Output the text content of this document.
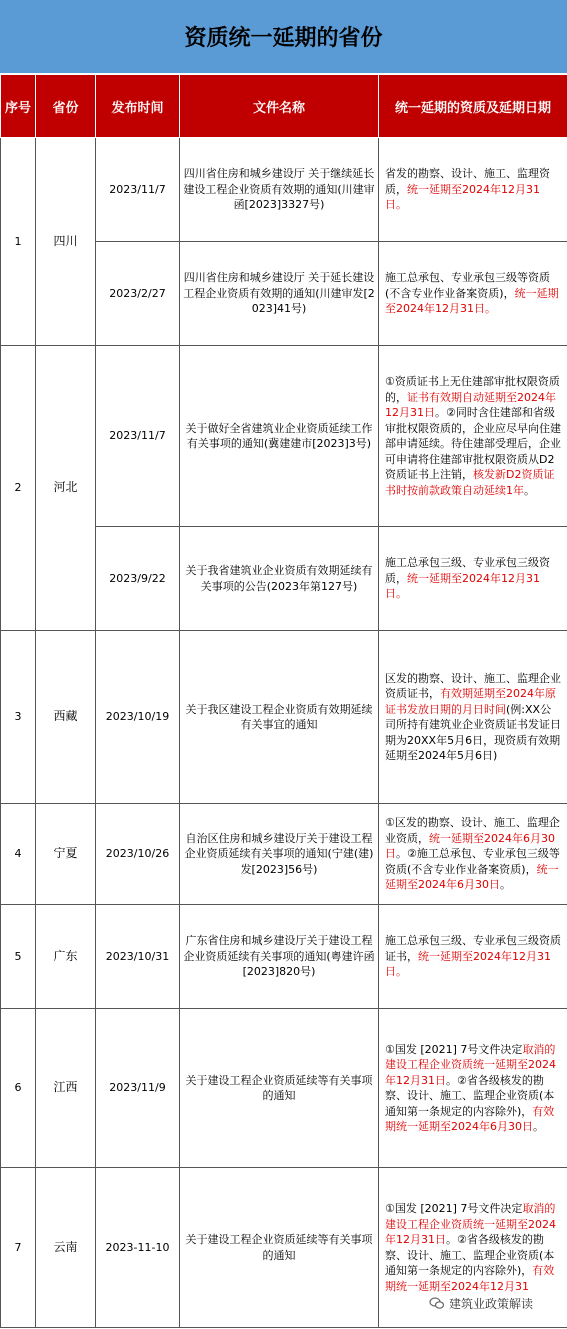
资质统一延期的省份
序号	省份	发布时间	文件名称	统一延期的资质及延期日期
1	四川	2023/11/7	四川省住房和城乡建设厅 关于继续延长建设工程企业资质有效期的通知(川建审函[2023]3327号)	省发的勘察、设计、施工、监理资质，统一延期至2024年12月31日。
		2023/2/27	四川省住房和城乡建设厅 关于延长建设工程企业资质有效期的通知(川建审发[2023]41号)	施工总承包、专业承包三级等资质(不含专业作业备案资质)，统一延期至2024年12月31日。
2	河北	2023/11/7	关于做好全省建筑业企业资质延续工作有关事项的通知(冀建建市[2023]3号)	①资质证书上无住建部审批权限资质的，证书有效期自动延期至2024年12月31日。②同时含住建部和省级审批权限资质的，企业应尽早向住建部申请延续。待住建部受理后，企业可申请将住建部审批权限资质从D2资质证书上注销，核发新D2资质证书时按前款政策自动延续1年。
		2023/9/22	关于我省建筑业企业资质有效期延续有关事项的公告(2023年第127号)	施工总承包三级、专业承包三级资质，统一延期至2024年12月31日。
3	西藏	2023/10/19	关于我区建设工程企业资质有效期延续有关事宜的通知	区发的勘察、设计、施工、监理企业资质证书，有效期延期至2024年原证书发放日期的月日时间(例:XX公司所持有建筑业企业资质证书发证日期为20XX年5月6日，现资质有效期延期至2024年5月6日)
4	宁夏	2023/10/26	自治区住房和城乡建设厅关于建设工程企业资质延续有关事项的通知(宁建(建)发[2023]56号)	①区发的勘察、设计、施工、监理企业资质，统一延期至2024年6月30日。②施工总承包、专业承包三级等资质(不含专业作业备案资质)，统一延期至2024年6月30日。
5	广东	2023/10/31	广东省住房和城乡建设厅关于建设工程企业资质延续有关事项的通知(粤建许函[2023]820号)	施工总承包三级、专业承包三级资质证书，统一延期至2024年12月31日。
6	江西	2023/11/9	关于建设工程企业资质延续等有关事项的通知	①国发 [2021] 7号文件决定取消的建设工程企业资质统一延期至2024年12月31日。②省各级核发的勘察、设计、施工、监理企业资质(本通知第一条规定的内容除外)，有效期统一延期至2024年6月30日。
7	云南	2023-11-10	关于建设工程企业资质延续等有关事项的通知	①国发 [2021] 7号文件决定取消的建设工程企业资质统一延期至2024年12月31日。②省各级核发的勘察、设计、施工、监理企业资质(本通知第一条规定的内容除外)，有效期统一延期至2024年12月31
建筑业政策解读
